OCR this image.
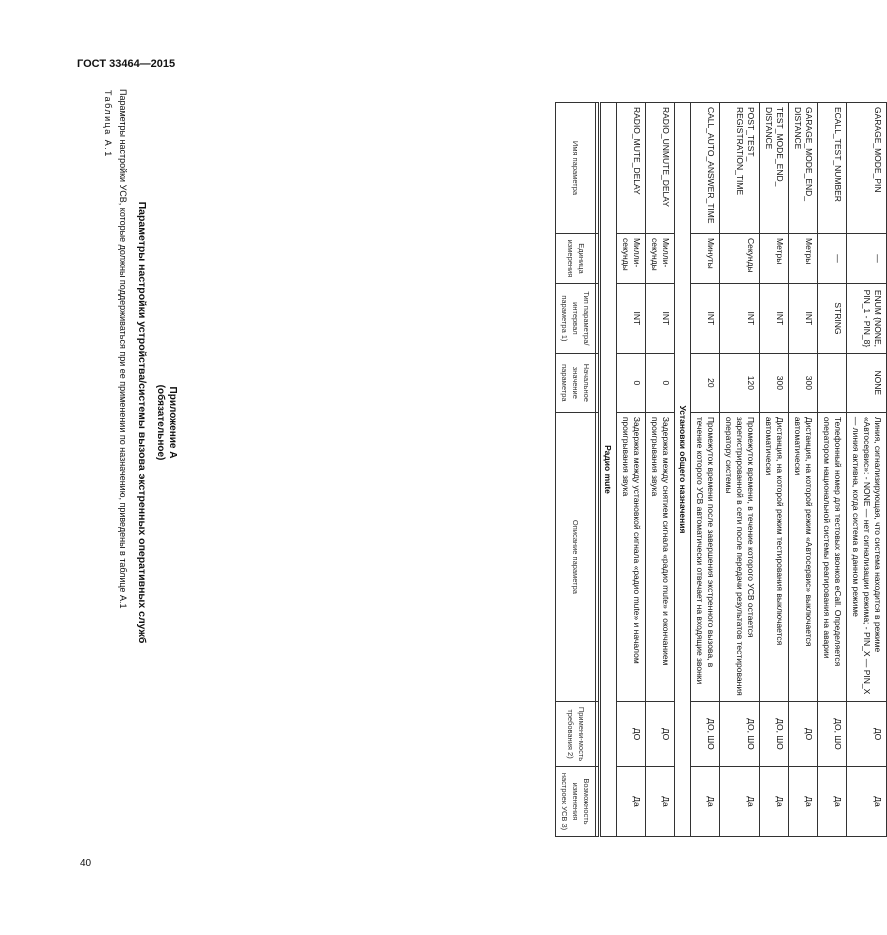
ГОСТ 33464—2015
40
Приложение А
(обязательное)
Параметры настройки устройства/системы вызова экстренных оперативных служб
Параметры настройки УСВ, которые должны поддерживаться при ее применении по назначению, приведены в таблице А.1
Таблица А.1
Имя параметра	Единица измерения	Тип параметра/ интервал параметра 1)	Начальное значение параметра	Описание параметра	Примени-мость требования 2)	Возможность изменения настроек УСВ 3)

Радио mute						
RADIO_MUTE_DELAY	Милли-секунды	INT	0	Задержка между установкой сигнала «радио mute» и началом проигрывания звука	ДО	Да
RADIO_UNMUTE_DELAY	Милли-секунды	INT	0	Задержка между снятием сигнала «радио mute» и окончанием проигрывания звука	ДО	Да
Установки общего назначения						
CALL_AUTO_ANSWER_TIME	Минуты	INT	20	Промежуток времени после завершения экстренного вызова, в течение которого УСВ автоматически отвечает на входящие звонки	ДО, ШО	Да
POST_TEST_ REGISTRATION_TIME	Секунды	INT	120	Промежуток времени, в течение которого УСВ остается зарегистрированной в сети после передачи результатов тестирования оператору системы	ДО, ШО	Да
TEST_MODE_END_ DISTANCE	Метры	INT	300	Дистанция, на которой режим тестирования выключается автоматически	ДО, ШО	Да
GARAGE_MODE_END_ DISTANCE	Метры	INT	300	Дистанция, на которой режим «Автосервис» выключается автоматически	ДО	Да
ECALL_TEST_NUMBER	—	STRING		Телефонный номер для тестовых звонков eCall. Определяется оператором национальной системы реагирования на аварии	ДО, ШО	Да
GARAGE_MODE_PIN	—	ENUM {NONE, PIN_1 - PIN_8}	NONE	Линия, сигнализирующая, что система находится в режиме «Автосервис»: - NONE — нет сигнализации режима; - PIN_X — PIN_X — линия активна, когда система в данном режиме	ДО	Да
